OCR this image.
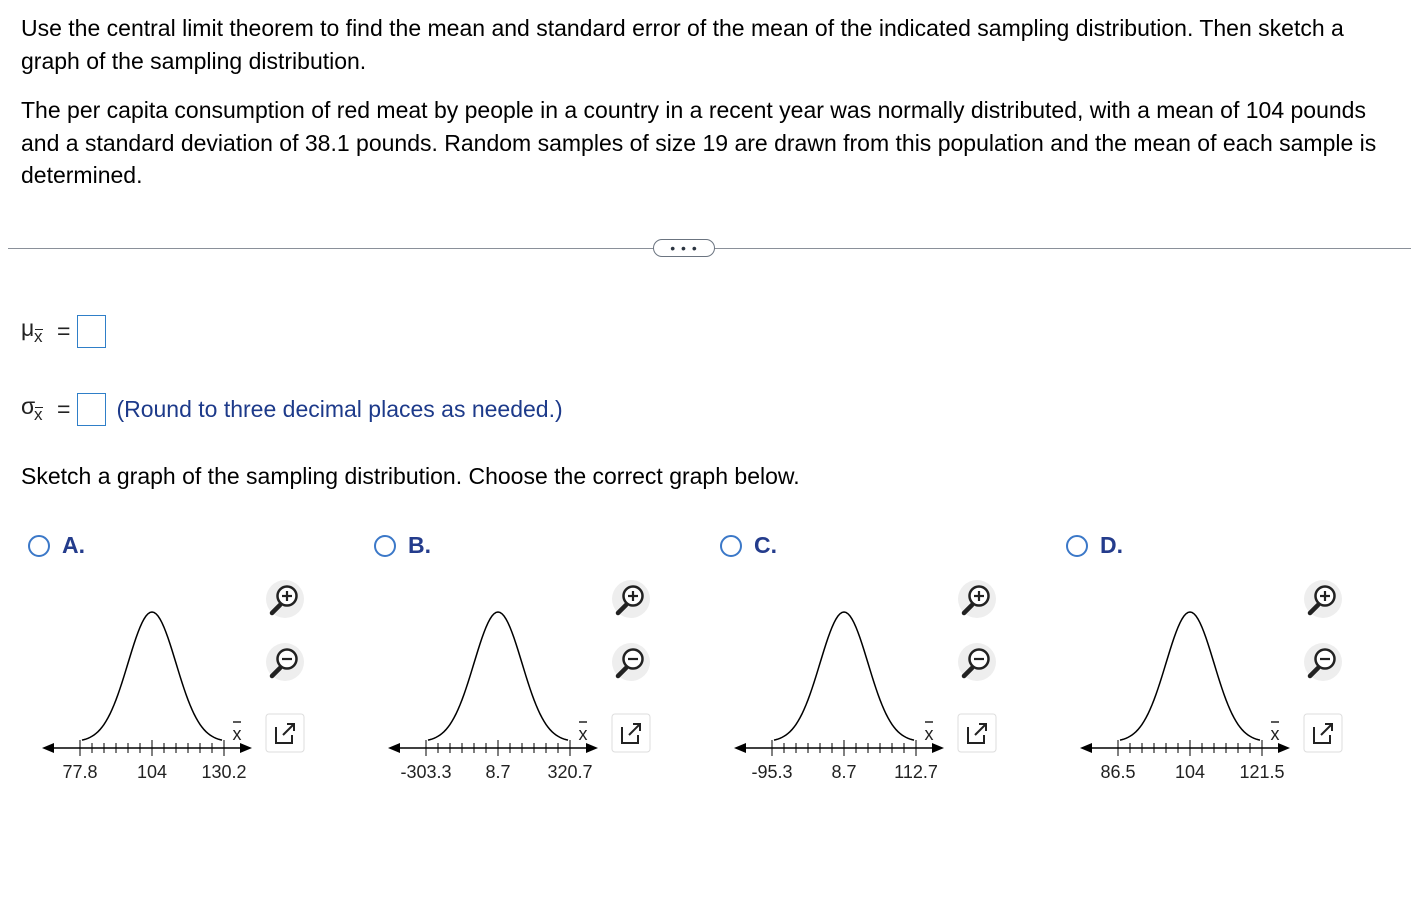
Use the central limit theorem to find the mean and standard error of the mean of the indicated sampling distribution. Then sketch a graph of the sampling distribution.

The per capita consumption of red meat by people in a country in a recent year was normally distributed, with a mean of 104 pounds and a standard deviation of 38.1 pounds. Random samples of size 19 are drawn from this population and the mean of each sample is determined.

• • •
μ x =
σ
x = (Round to three decimal places as needed.)
Sketch a graph of the sampling distribution. Choose the correct graph below.
A.
77.8 104 130.2
x
B.
-303.3 8.7 320.7
x
C.
-95.3 8.7 112.7
x
D.
86.5 104 121.5
x
